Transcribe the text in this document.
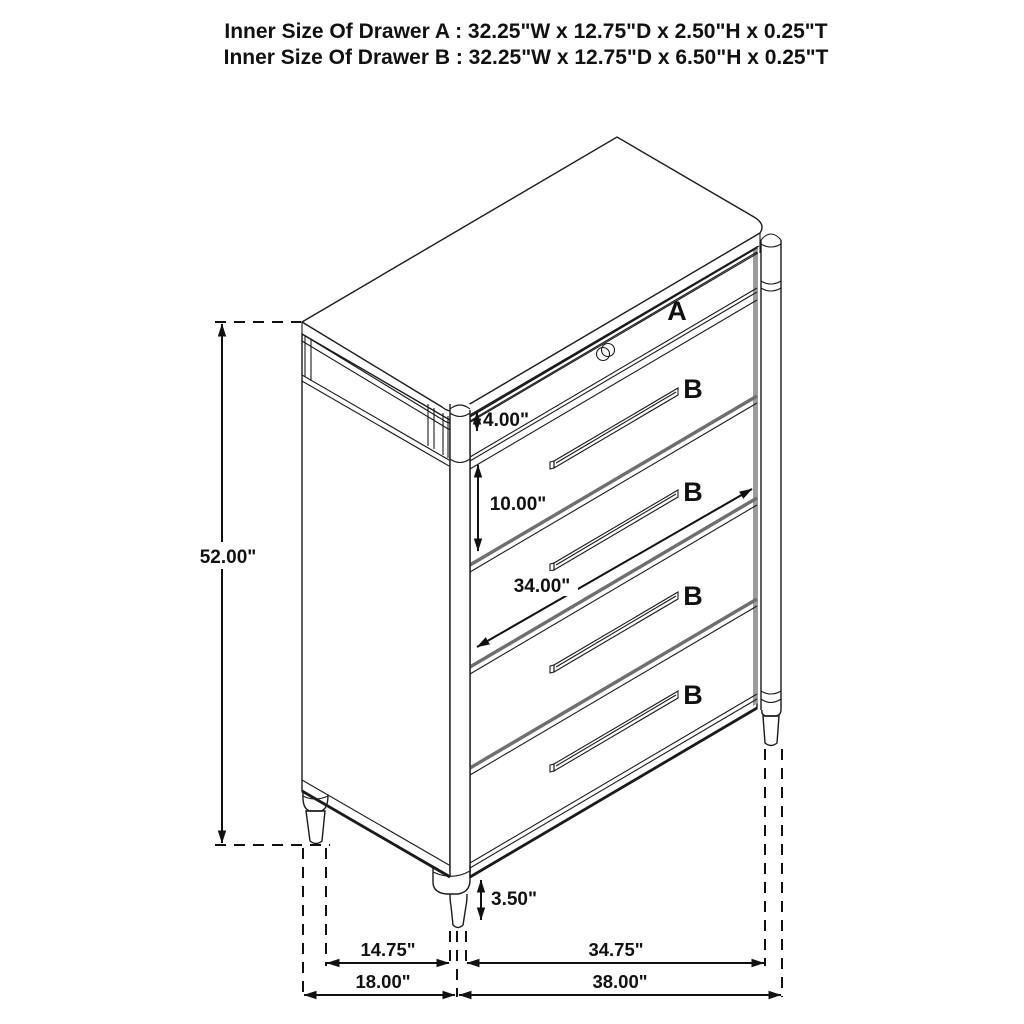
Inner Size Of Drawer A : 32.25"W x 12.75"D x 2.50"H x 0.25"T
Inner Size Of Drawer B : 32.25"W x 12.75"D x 6.50"H x 0.25"T
A
B
B
B
B
52.00"
4.00"
10.00"
34.00"
3.50"
14.75"	34.75"
18.00"	38.00"
